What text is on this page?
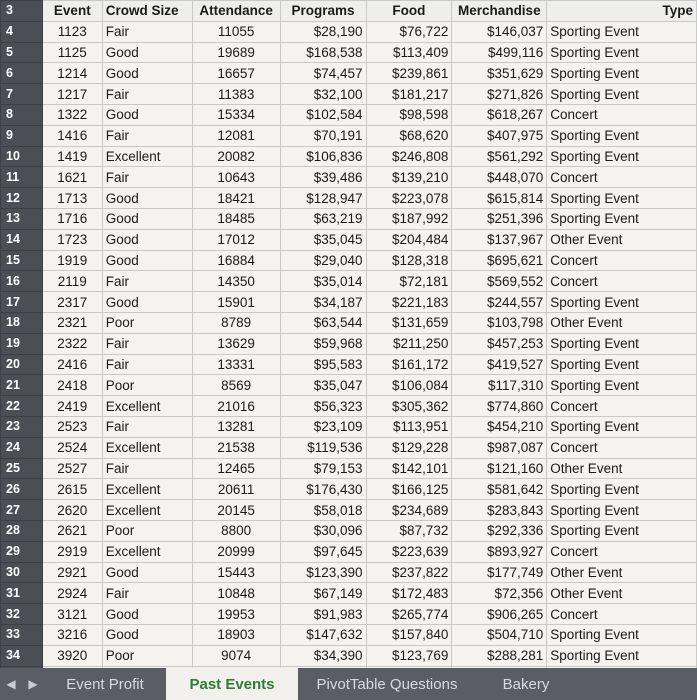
3	Event	Crowd Size	Attendance	Programs	Food	Merchandise	Type
4	1123	Fair	11055	$28,190	$76,722	$146,037	Sporting Event
5	1125	Good	19689	$168,538	$113,409	$499,116	Sporting Event
6	1214	Good	16657	$74,457	$239,861	$351,629	Sporting Event
7	1217	Fair	11383	$32,100	$181,217	$271,826	Sporting Event
8	1322	Good	15334	$102,584	$98,598	$618,267	Concert
9	1416	Fair	12081	$70,191	$68,620	$407,975	Sporting Event
10	1419	Excellent	20082	$106,836	$246,808	$561,292	Sporting Event
11	1621	Fair	10643	$39,486	$139,210	$448,070	Concert
12	1713	Good	18421	$128,947	$223,078	$615,814	Sporting Event
13	1716	Good	18485	$63,219	$187,992	$251,396	Sporting Event
14	1723	Good	17012	$35,045	$204,484	$137,967	Other Event
15	1919	Good	16884	$29,040	$128,318	$695,621	Concert
16	2119	Fair	14350	$35,014	$72,181	$569,552	Concert
17	2317	Good	15901	$34,187	$221,183	$244,557	Sporting Event
18	2321	Poor	8789	$63,544	$131,659	$103,798	Other Event
19	2322	Fair	13629	$59,968	$211,250	$457,253	Sporting Event
20	2416	Fair	13331	$95,583	$161,172	$419,527	Sporting Event
21	2418	Poor	8569	$35,047	$106,084	$117,310	Sporting Event
22	2419	Excellent	21016	$56,323	$305,362	$774,860	Concert
23	2523	Fair	13281	$23,109	$113,951	$454,210	Sporting Event
24	2524	Excellent	21538	$119,536	$129,228	$987,087	Concert
25	2527	Fair	12465	$79,153	$142,101	$121,160	Other Event
26	2615	Excellent	20611	$176,430	$166,125	$581,642	Sporting Event
27	2620	Excellent	20145	$58,018	$234,689	$283,843	Sporting Event
28	2621	Poor	8800	$30,096	$87,732	$292,336	Sporting Event
29	2919	Excellent	20999	$97,645	$223,639	$893,927	Concert
30	2921	Good	15443	$123,390	$237,822	$177,749	Other Event
31	2924	Fair	10848	$67,149	$172,483	$72,356	Other Event
32	3121	Good	19953	$91,983	$265,774	$906,265	Concert
33	3216	Good	18903	$147,632	$157,840	$504,710	Sporting Event
34	3920	Poor	9074	$34,390	$123,769	$288,281	Sporting Event

◀	▶	Event Profit	Past Events	PivotTable Questions	Bakery
